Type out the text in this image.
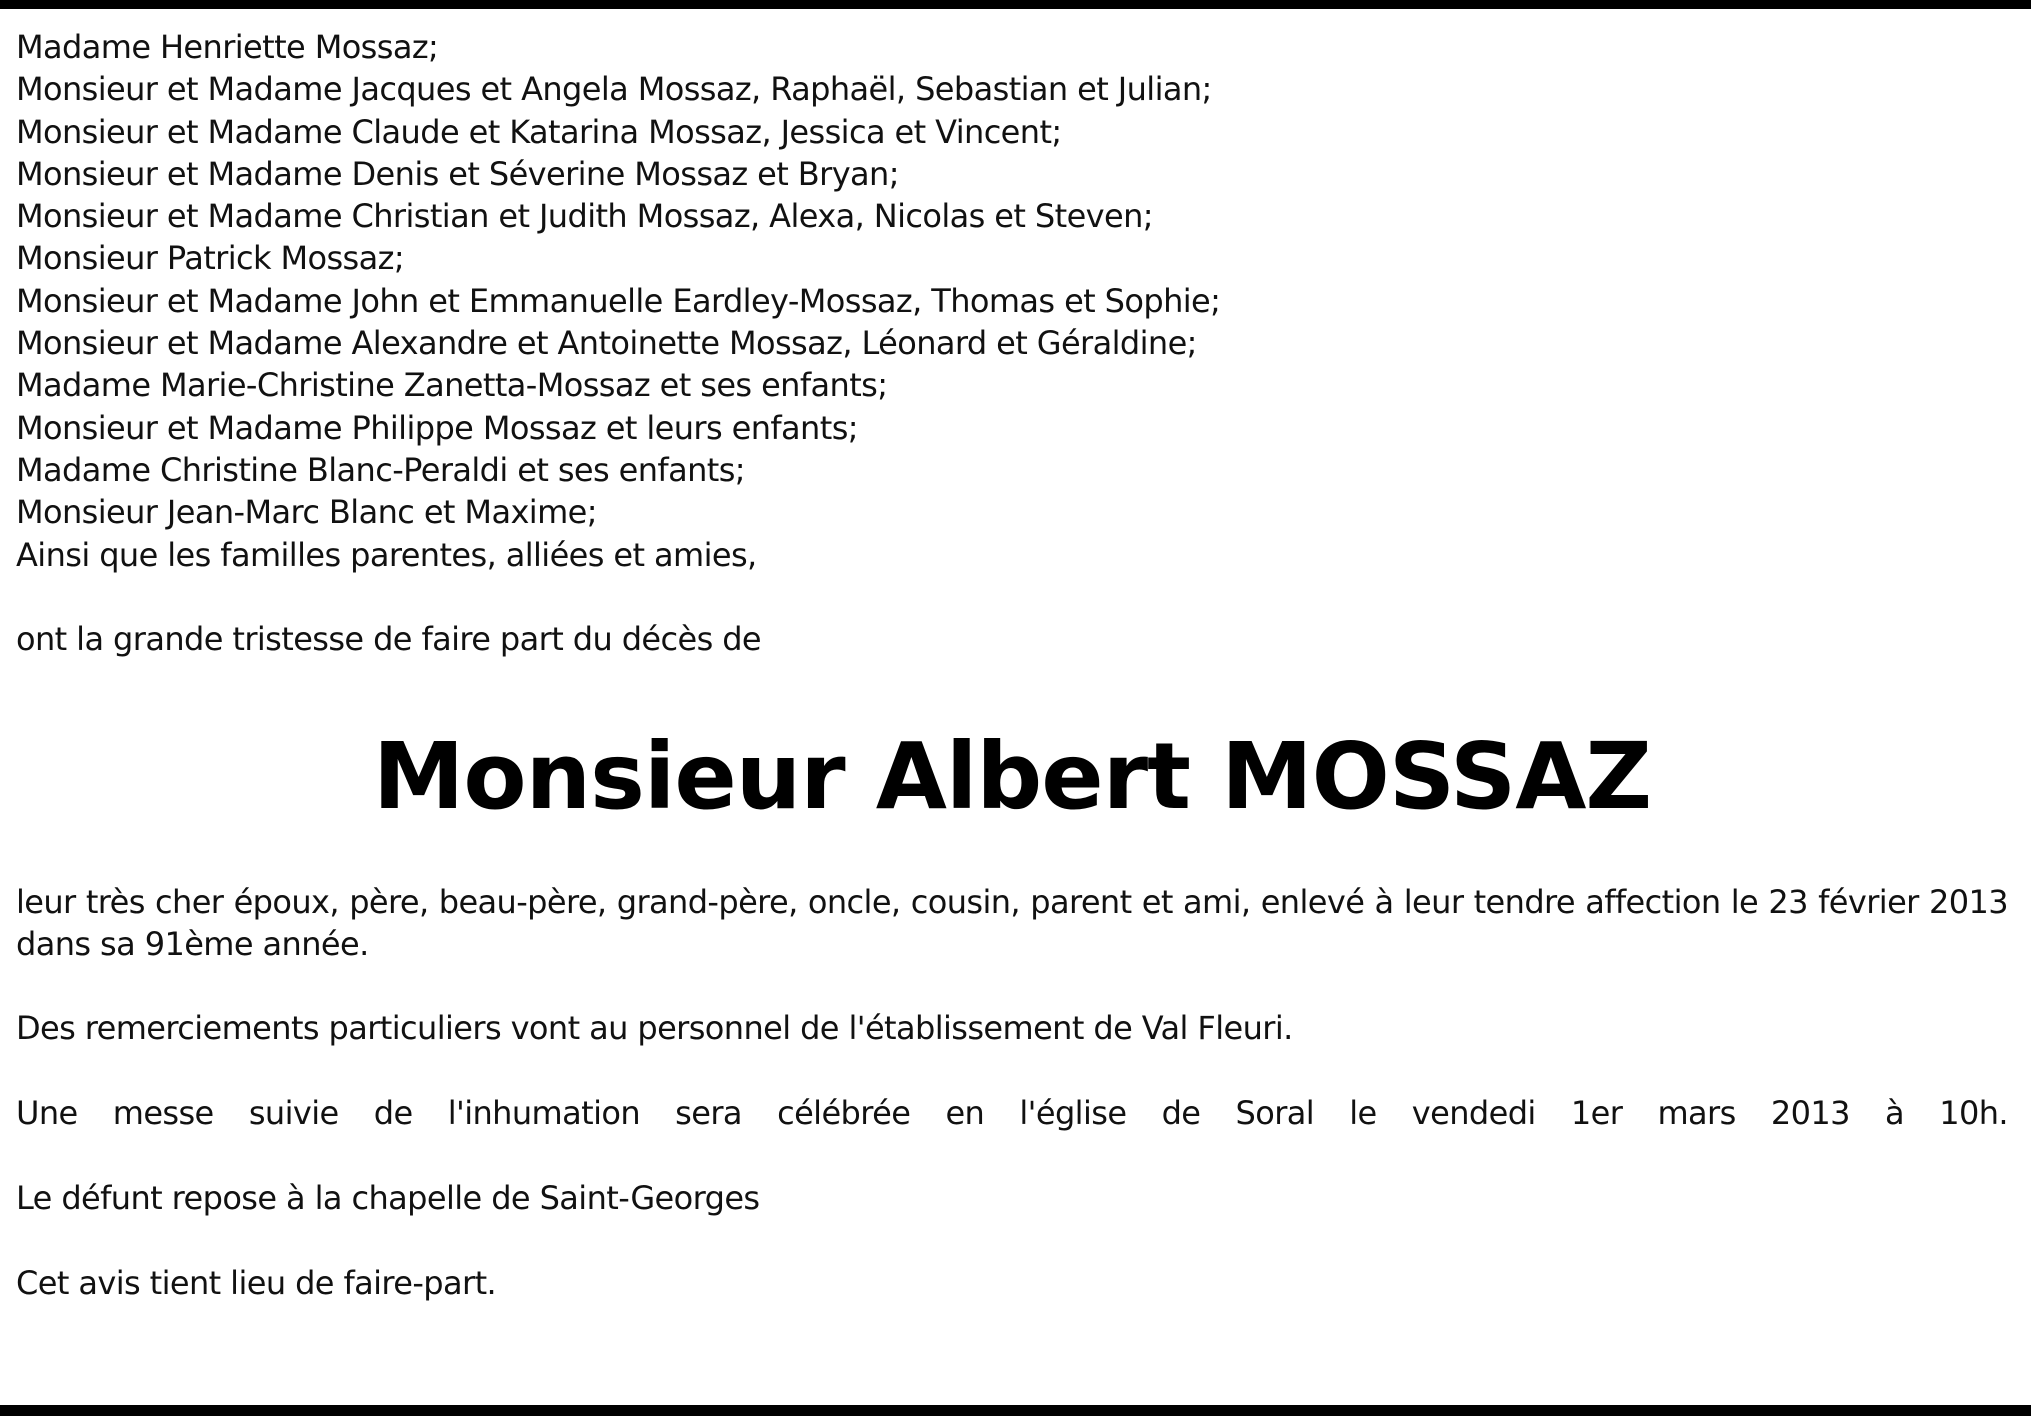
Madame Henriette Mossaz;
Monsieur et Madame Jacques et Angela Mossaz, Raphaël, Sebastian et Julian;
Monsieur et Madame Claude et Katarina Mossaz, Jessica et Vincent;
Monsieur et Madame Denis et Séverine Mossaz et Bryan;
Monsieur et Madame Christian et Judith Mossaz, Alexa, Nicolas et Steven;
Monsieur Patrick Mossaz;
Monsieur et Madame John et Emmanuelle Eardley-Mossaz, Thomas et Sophie;
Monsieur et Madame Alexandre et Antoinette Mossaz, Léonard et Géraldine;
Madame Marie-Christine Zanetta-Mossaz et ses enfants;
Monsieur et Madame Philippe Mossaz et leurs enfants;
Madame Christine Blanc-Peraldi et ses enfants;
Monsieur Jean-Marc Blanc et Maxime;
Ainsi que les familles parentes, alliées et amies,

ont la grande tristesse de faire part du décès de

Monsieur Albert MOSSAZ

leur très cher époux, père, beau-père, grand-père, oncle, cousin, parent et ami, enlevé à leur tendre affection le 23 février 2013 dans sa 91ème année.

Des remerciements particuliers vont au personnel de l'établissement de Val Fleuri.

Une messe suivie de l'inhumation sera célébrée en l'église de Soral le vendedi 1er mars 2013 à 10h.

Le défunt repose à la chapelle de Saint-Georges

Cet avis tient lieu de faire-part.
